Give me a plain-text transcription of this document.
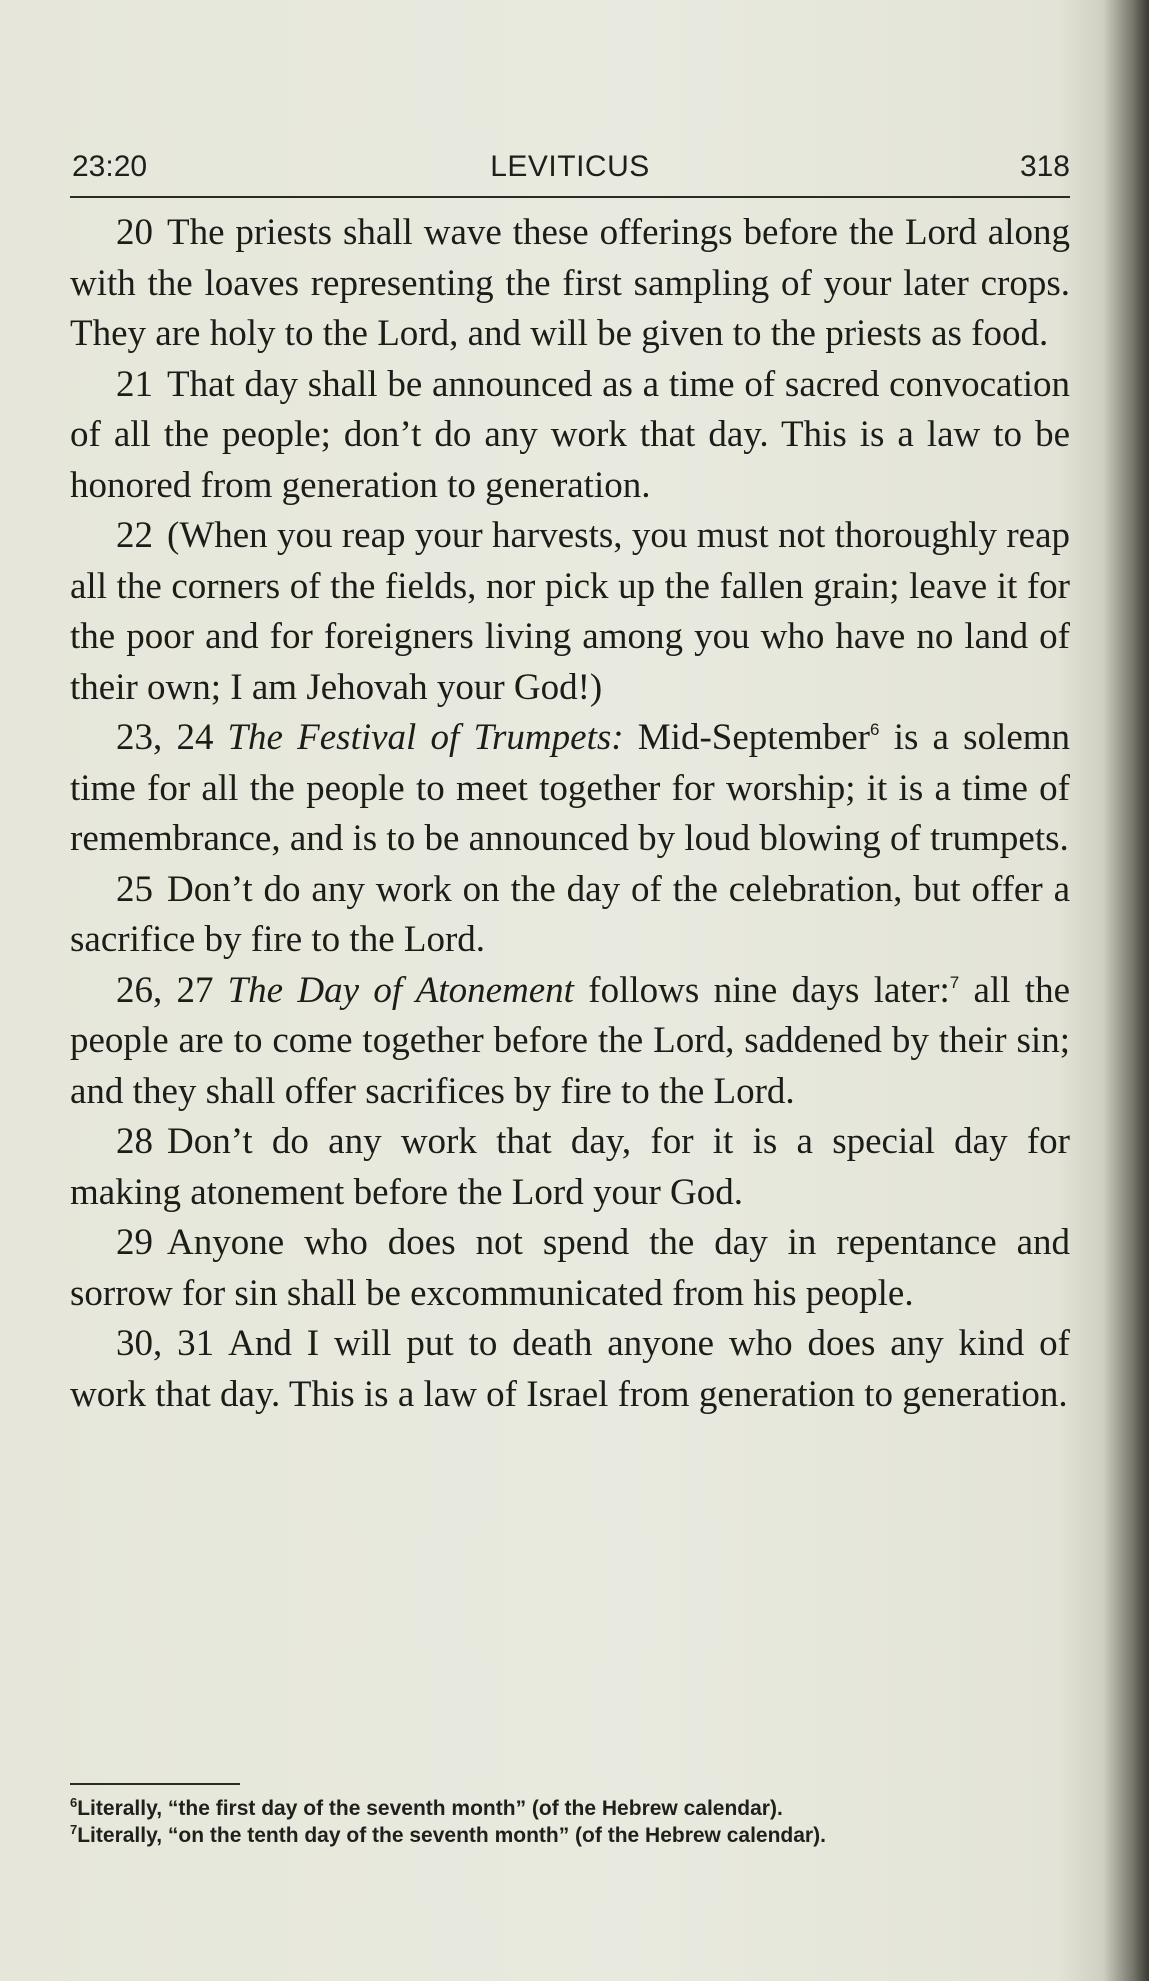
23:20	LEVITICUS	318

20 The priests shall wave these offerings before the Lord along with the loaves representing the first sampling of your later crops. They are holy to the Lord, and will be given to the priests as food.

21 That day shall be announced as a time of sacred convocation of all the people; don’t do any work that day. This is a law to be honored from generation to generation.

22 (When you reap your harvests, you must not thoroughly reap all the corners of the fields, nor pick up the fallen grain; leave it for the poor and for foreigners living among you who have no land of their own; I am Jehovah your God!)

23, 24 The Festival of Trumpets: Mid-September$^6$ is a solemn time for all the people to meet together for worship; it is a time of remembrance, and is to be announced by loud blowing of trumpets.

25 Don’t do any work on the day of the celebration, but offer a sacrifice by fire to the Lord.

26, 27 The Day of Atonement follows nine days later:$^7$ all the people are to come together before the Lord, saddened by their sin; and they shall offer sacrifices by fire to the Lord.

28 Don’t do any work that day, for it is a special day for making atonement before the Lord your God.

29 Anyone who does not spend the day in repentance and sorrow for sin shall be excommunicated from his people.

30, 31 And I will put to death anyone who does any kind of work that day. This is a law of Israel from generation to generation.

$^6$Literally, “the first day of the seventh month” (of the Hebrew calendar).

$^7$Literally, “on the tenth day of the seventh month” (of the Hebrew calendar).
